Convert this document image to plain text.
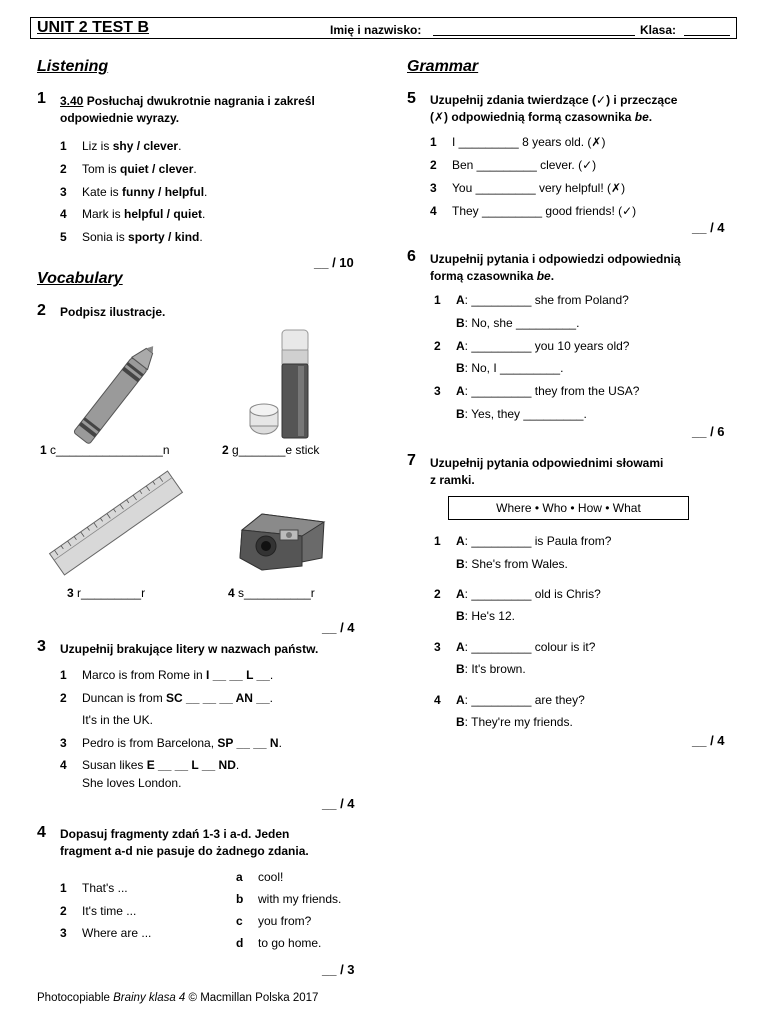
UNIT 2 TEST B	Imię i nazwisko:	Klasa:
Listening
1 3.40 Posłuchaj dwukrotnie nagrania i zakreśl
odpowiednie wyrazy.
1 Liz is shy / clever.
2 Tom is quiet / clever.
3 Kate is funny / helpful.
4 Mark is helpful / quiet.
5 Sonia is sporty / kind.
__ / 10
Vocabulary
2 Podpisz ilustracje.
1 c________________n	2 g_______e stick
3 r_________r	4 s__________r
__ / 4
3 Uzupełnij brakujące litery w nazwach państw.
1 Marco is from Rome in I __ __ L __.
2 Duncan is from SC __ __ __ AN __.
It's in the UK.
3 Pedro is from Barcelona, SP __ __ N.
4 Susan likes E __ __ L __ ND.
She loves London.
__ / 4
4 Dopasuj fragmenty zdań 1-3 i a-d. Jeden
fragment a-d nie pasuje do żadnego zdania.
1 That's ...
2 It's time ...
3 Where are ...
a cool!
b with my friends.
c you from?
d to go home.
__ / 3
Photocopiable Brainy klasa 4 © Macmillan Polska 2017
Grammar
5 Uzupełnij zdania twierdzące (✓) i przeczące
(✗) odpowiednią formą czasownika be.
1 I _________ 8 years old. (✗)
2 Ben _________ clever. (✓)
3 You _________ very helpful! (✗)
4 They _________ good friends! (✓)
__ / 4
6 Uzupełnij pytania i odpowiedzi odpowiednią
formą czasownika be.
1 A: _________ she from Poland?
B: No, she _________.
2 A: _________ you 10 years old?
B: No, I _________.
3 A: _________ they from the USA?
B: Yes, they _________.
__ / 6
7 Uzupełnij pytania odpowiednimi słowami
z ramki.
Where • Who • How • What
1 A: _________ is Paula from?
B: She's from Wales.
2 A: _________ old is Chris?
B: He's 12.
3 A: _________ colour is it?
B: It's brown.
4 A: _________ are they?
B: They're my friends.
__ / 4
